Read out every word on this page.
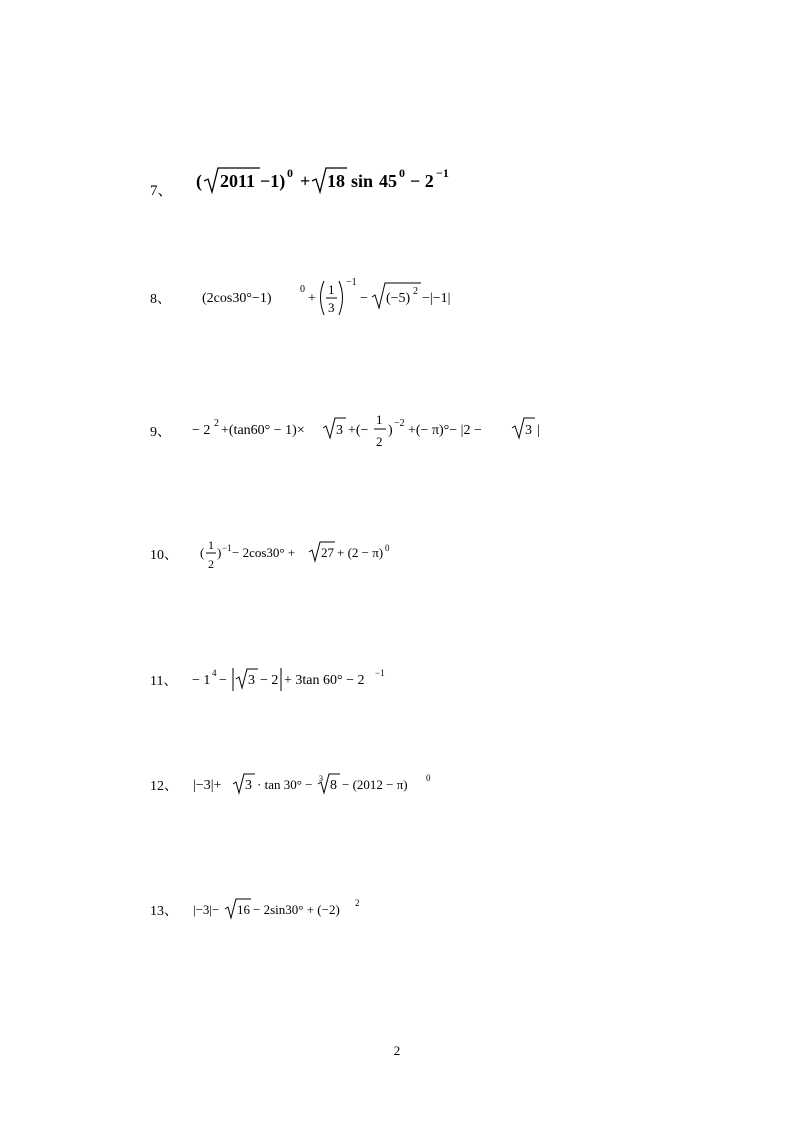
7、 ( 2011 −1) 0 + 18 sin 45 0 − 2 −1
8、 (2cos30°−1)
0
+
1
3
−1
− (−5) 2 −|−1|
9、 − 2 2 +(tan60° − 1)× 3 +(−
1
2
) −2 +(− π)°− |2 −	3 |
10、 ( 1
2
) −1 − 2cos30° + 27 + (2 − π) 0
11、 − 1 4 − 3 − 2 + 3tan 60° − 2 −1
12、 |−3|+ 3 · tan 30° − 3 8 − (2012 − π) 0
13、 |−3|− 16 − 2sin30° + (−2) 2
2
